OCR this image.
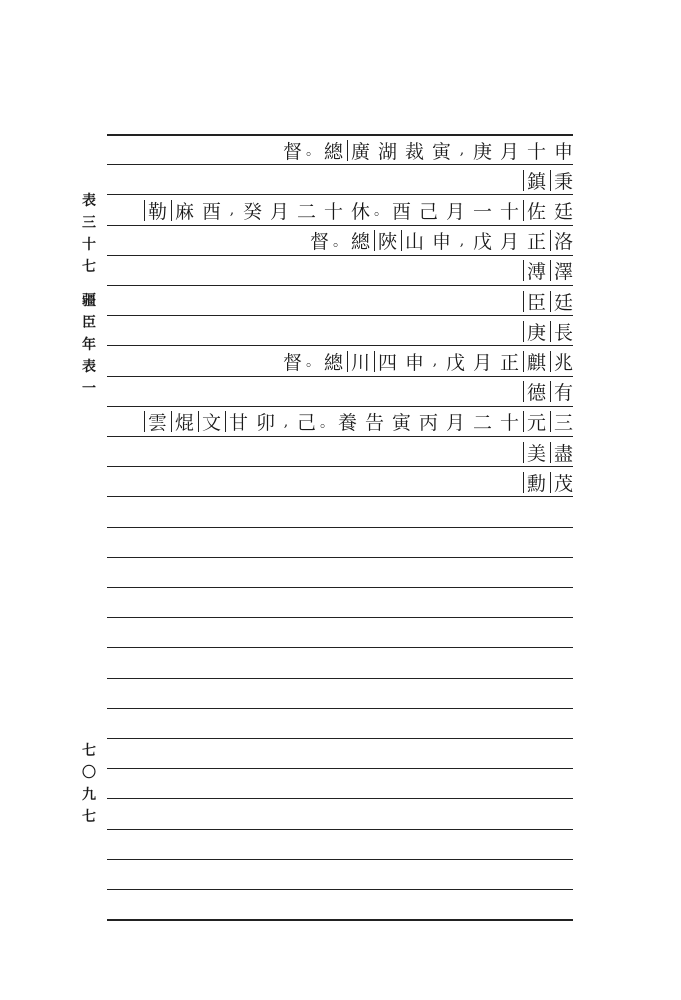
表
三
十
七
疆
臣
年
表
一
七
〇
九
七
督 。 總 廣 湖 裁 寅 , 庚 月 十 申
鎮 秉
勒 麻 酉 , 癸 月 二 十 休 。 酉 己 月 一 十 佐 廷
督 。 總 陜 山 申 , 戊 月 正 洛
溥 澤
臣 廷
庚 長
督 。 總 川 四 申 , 戊 月 正 麒 兆
德 有
雲 焜 文 甘 卯 , 己 。 養 告 寅 丙 月 二 十 元 三
美 盡
勳 茂
